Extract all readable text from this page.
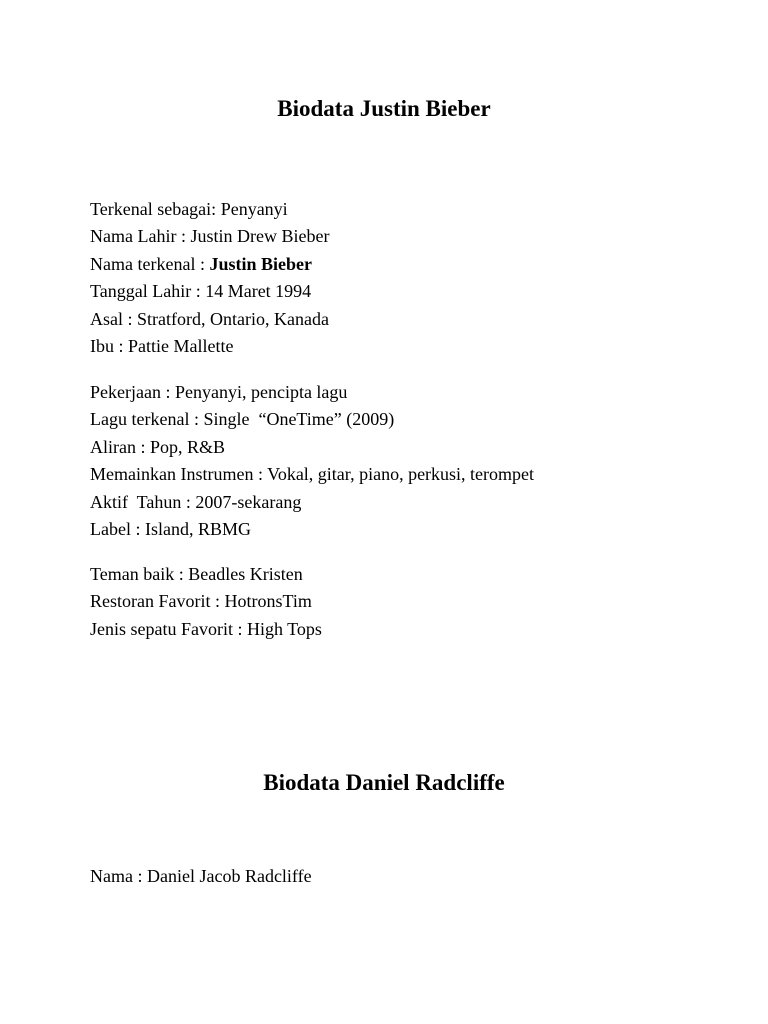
Biodata Justin Bieber
Terkenal sebagai: Penyanyi
Nama Lahir : Justin Drew Bieber
Nama terkenal : Justin Bieber
Tanggal Lahir : 14 Maret 1994
Asal : Stratford, Ontario, Kanada
Ibu : Pattie Mallette
Pekerjaan : Penyanyi, pencipta lagu
Lagu terkenal : Single  “OneTime” (2009)
Aliran : Pop, R&B
Memainkan Instrumen : Vokal, gitar, piano, perkusi, terompet
Aktif  Tahun : 2007-sekarang
Label : Island, RBMG
Teman baik : Beadles Kristen
Restoran Favorit : HotronsTim
Jenis sepatu Favorit : High Tops
Biodata Daniel Radcliffe
Nama : Daniel Jacob Radcliffe
